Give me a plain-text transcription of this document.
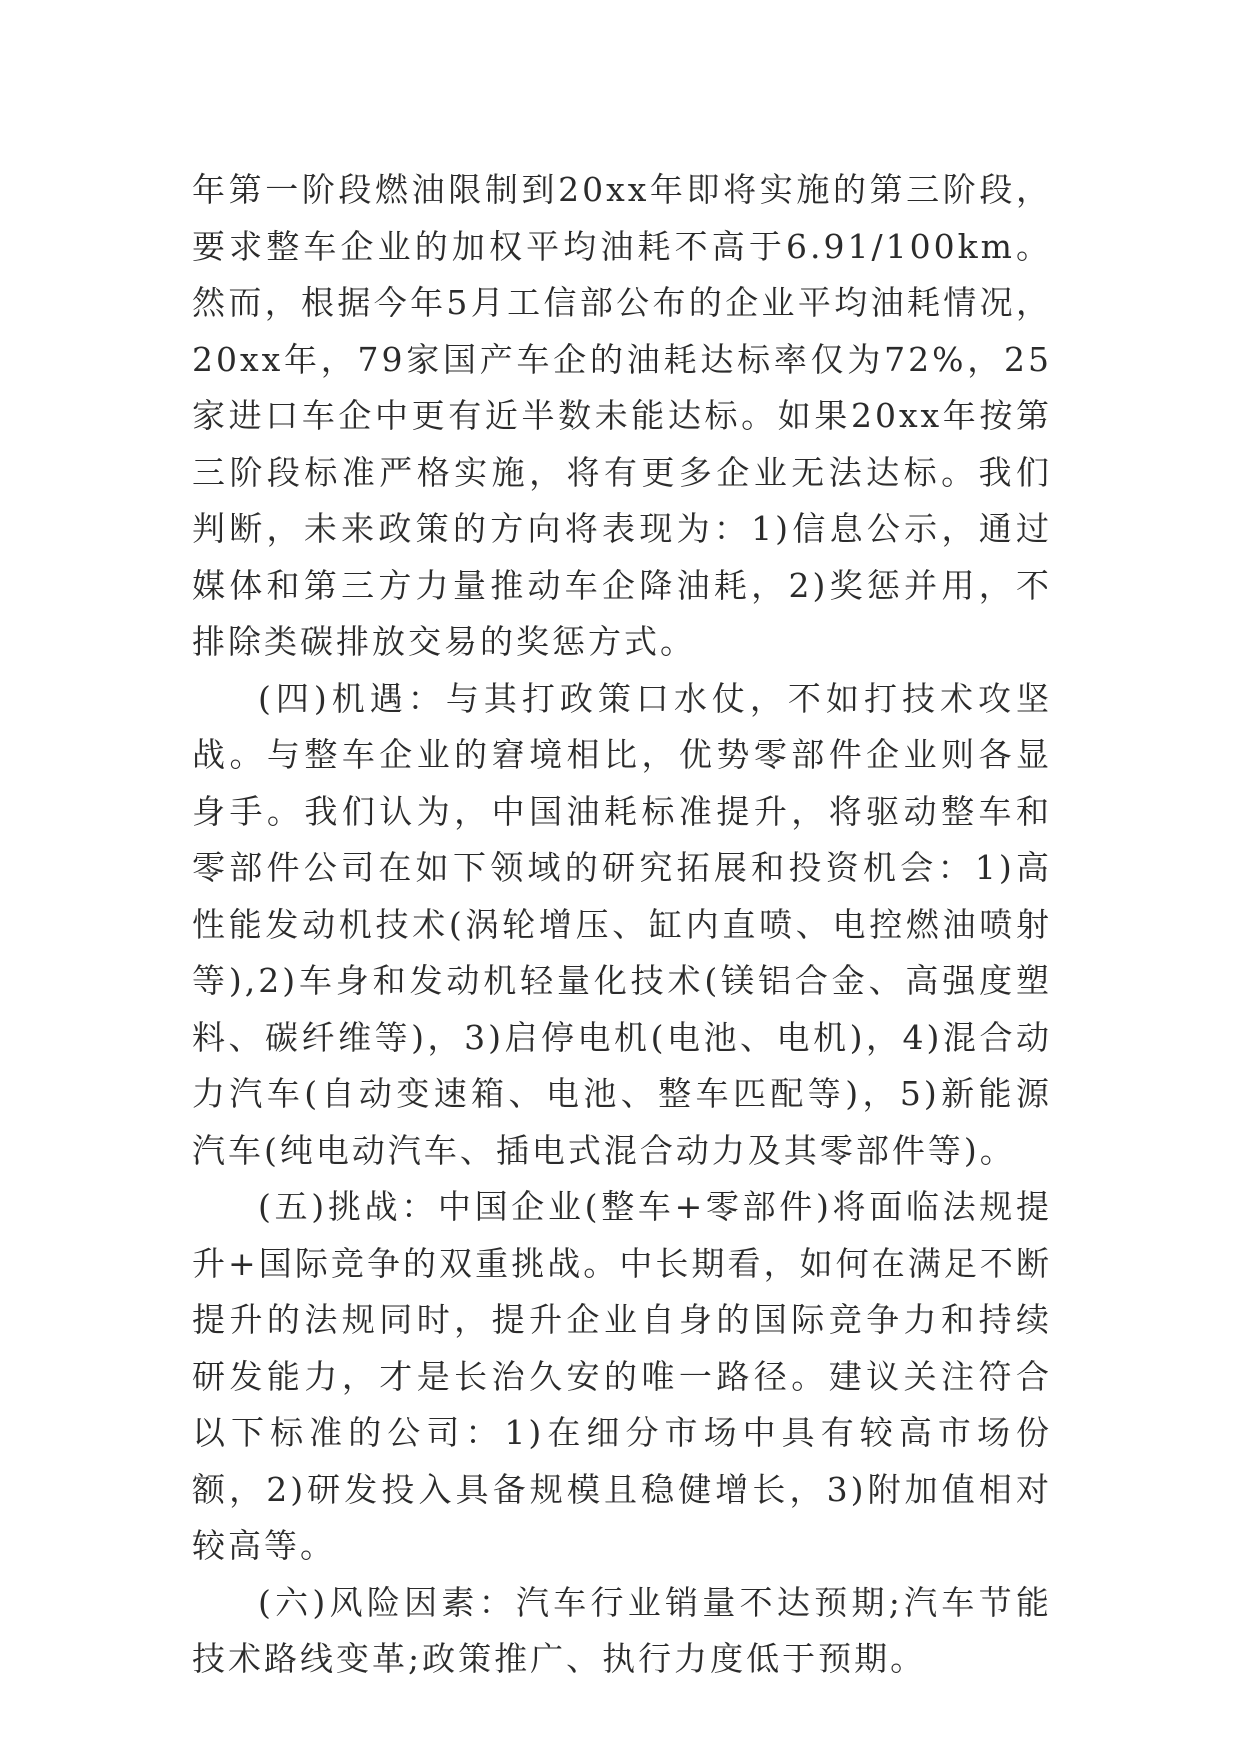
年第一阶段燃油限制到20xx年即将实施的第三阶段，要求整车企业的加权平均油耗不高于6.91/100km。然而，根据今年5月工信部公布的企业平均油耗情况，20xx年，79家国产车企的油耗达标率仅为72%，25家进口车企中更有近半数未能达标。如果20xx年按第三阶段标准严格实施，将有更多企业无法达标。我们判断，未来政策的方向将表现为：1)信息公示，通过媒体和第三方力量推动车企降油耗，2)奖惩并用，不排除类碳排放交易的奖惩方式。

(四)机遇：与其打政策口水仗，不如打技术攻坚战。与整车企业的窘境相比，优势零部件企业则各显身手。我们认为，中国油耗标准提升，将驱动整车和零部件公司在如下领域的研究拓展和投资机会：1)高性能发动机技术(涡轮增压、缸内直喷、电控燃油喷射等),2)车身和发动机轻量化技术(镁铝合金、高强度塑料、碳纤维等)，3)启停电机(电池、电机)，4)混合动力汽车(自动变速箱、电池、整车匹配等)，5)新能源汽车(纯电动汽车、插电式混合动力及其零部件等)。

(五)挑战：中国企业(整车+零部件)将面临法规提升+国际竞争的双重挑战。中长期看，如何在满足不断提升的法规同时，提升企业自身的国际竞争力和持续研发能力，才是长治久安的唯一路径。建议关注符合以下标准的公司：1)在细分市场中具有较高市场份额，2)研发投入具备规模且稳健增长，3)附加值相对较高等。

(六)风险因素：汽车行业销量不达预期;汽车节能技术路线变革;政策推广、执行力度低于预期。
